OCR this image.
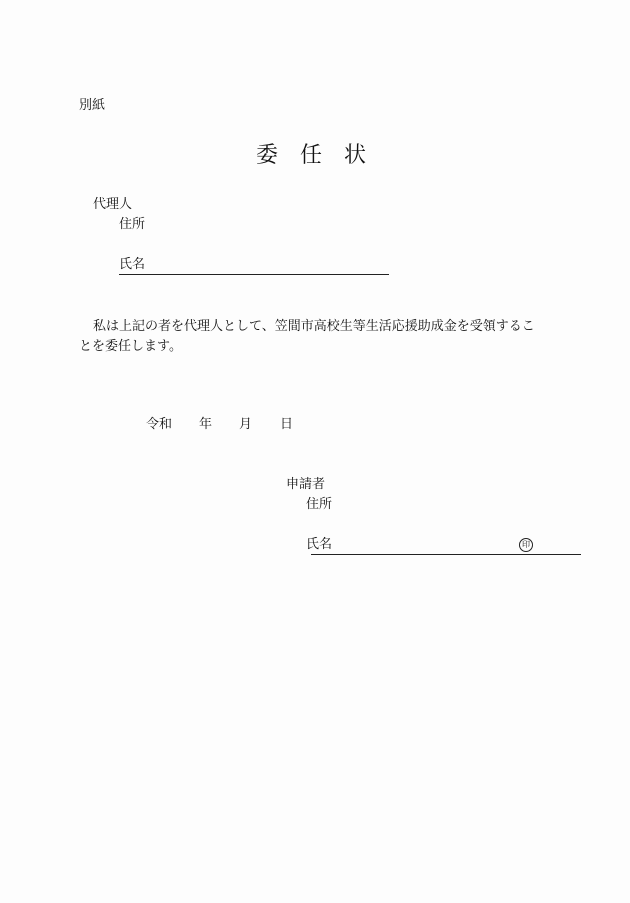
別紙
委任状
代理人
住所
氏名
私は上記の者を代理人として、笠間市高校生等生活応援助成金を受領するこ
とを委任します。
令和 年 月 日
申請者
住所
氏名	印
